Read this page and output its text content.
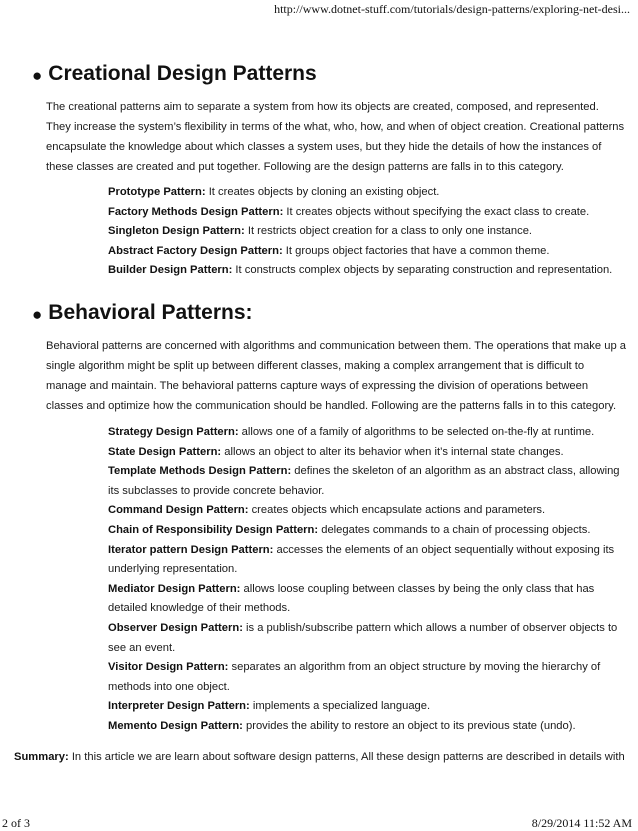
http://www.dotnet-stuff.com/tutorials/design-patterns/exploring-net-desi...
● Creational Design Patterns
The creational patterns aim to separate a system from how its objects are created, composed, and represented. They increase the system’s flexibility in terms of the what, who, how, and when of object creation. Creational patterns encapsulate the knowledge about which classes a system uses, but they hide the details of how the instances of these classes are created and put together. Following are the design patterns are falls in to this category.
Prototype Pattern: It creates objects by cloning an existing object.
Factory Methods Design Pattern: It creates objects without specifying the exact class to create.
Singleton Design Pattern: It restricts object creation for a class to only one instance.
Abstract Factory Design Pattern: It groups object factories that have a common theme.
Builder Design Pattern: It constructs complex objects by separating construction and representation.
● Behavioral Patterns:
Behavioral patterns are concerned with algorithms and communication between them. The operations that make up a single algorithm might be split up between different classes, making a complex arrangement that is difficult to manage and maintain. The behavioral patterns capture ways of expressing the division of operations between classes and optimize how the communication should be handled. Following are the patterns falls in to this category.
Strategy Design Pattern: allows one of a family of algorithms to be selected on-the-fly at runtime.
State Design Pattern: allows an object to alter its behavior when it’s internal state changes.
Template Methods Design Pattern: defines the skeleton of an algorithm as an abstract class, allowing its subclasses to provide concrete behavior.
Command Design Pattern: creates objects which encapsulate actions and parameters.
Chain of Responsibility Design Pattern: delegates commands to a chain of processing objects.
Iterator pattern Design Pattern: accesses the elements of an object sequentially without exposing its underlying representation.
Mediator Design Pattern: allows loose coupling between classes by being the only class that has detailed knowledge of their methods.
Observer Design Pattern: is a publish/subscribe pattern which allows a number of observer objects to see an event.
Visitor Design Pattern: separates an algorithm from an object structure by moving the hierarchy of methods into one object.
Interpreter Design Pattern: implements a specialized language.
Memento Design Pattern: provides the ability to restore an object to its previous state (undo).
Summary: In this article we are learn about software design patterns, All these design patterns are described in details with
2 of 3	8/29/2014 11:52 AM
